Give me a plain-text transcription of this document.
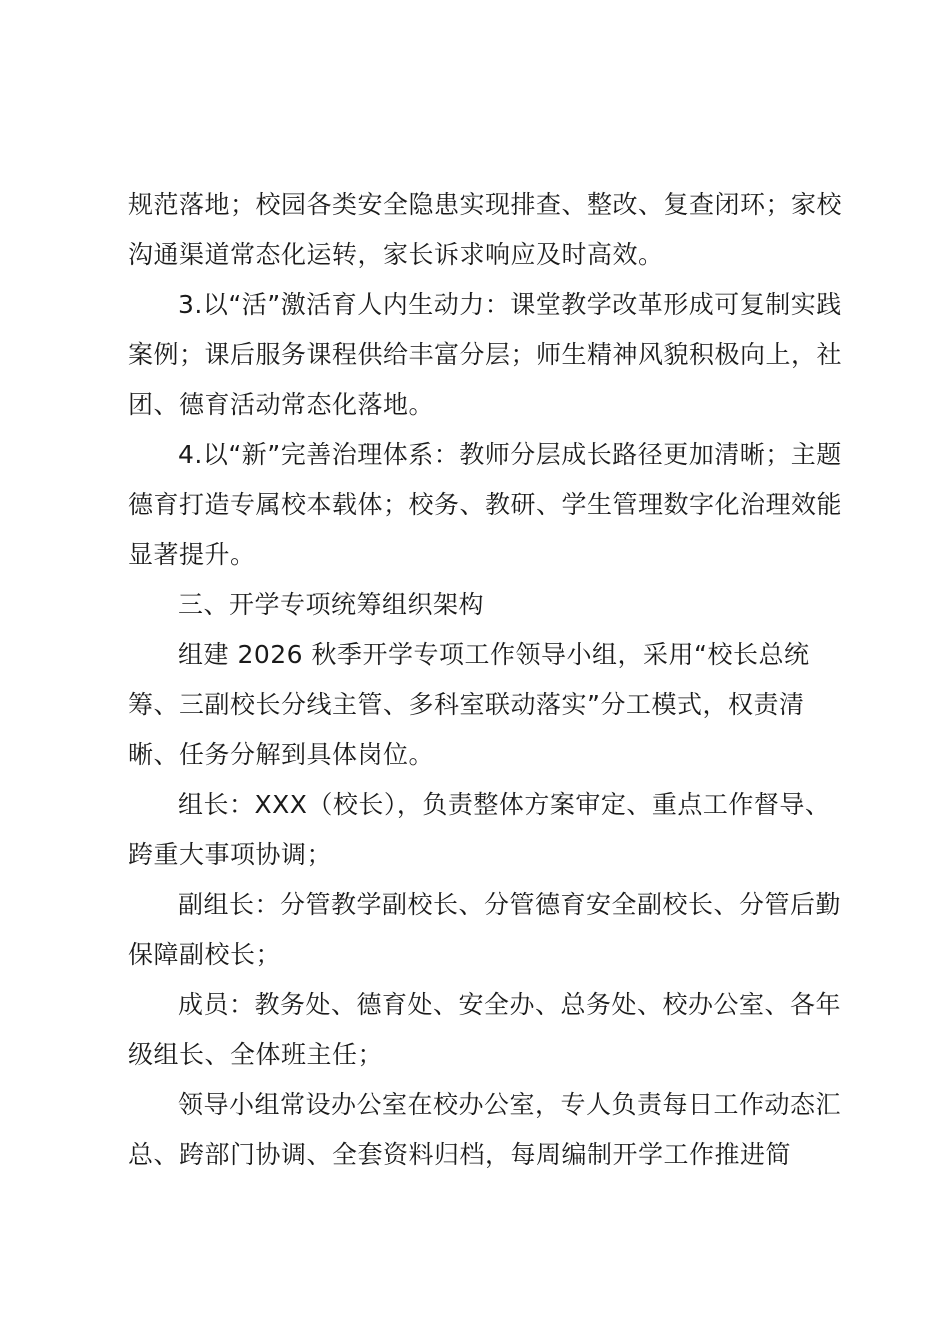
规范落地；校园各类安全隐患实现排查、整改、复查闭环；家校沟通渠道常态化运转，家长诉求响应及时高效。

3.以“活”激活育人内生动力：课堂教学改革形成可复制实践案例；课后服务课程供给丰富分层；师生精神风貌积极向上，社团、德育活动常态化落地。

4.以“新”完善治理体系：教师分层成长路径更加清晰；主题德育打造专属校本载体；校务、教研、学生管理数字化治理效能显著提升。

三、开学专项统筹组织架构

组建 2026 秋季开学专项工作领导小组，采用“校长总统筹、三副校长分线主管、多科室联动落实”分工模式，权责清晰、任务分解到具体岗位。

组长：XXX（校长），负责整体方案审定、重点工作督导、跨重大事项协调；

副组长：分管教学副校长、分管德育安全副校长、分管后勤保障副校长；

成员：教务处、德育处、安全办、总务处、校办公室、各年级组长、全体班主任；

领导小组常设办公室在校办公室，专人负责每日工作动态汇总、跨部门协调、全套资料归档，每周编制开学工作推进简
